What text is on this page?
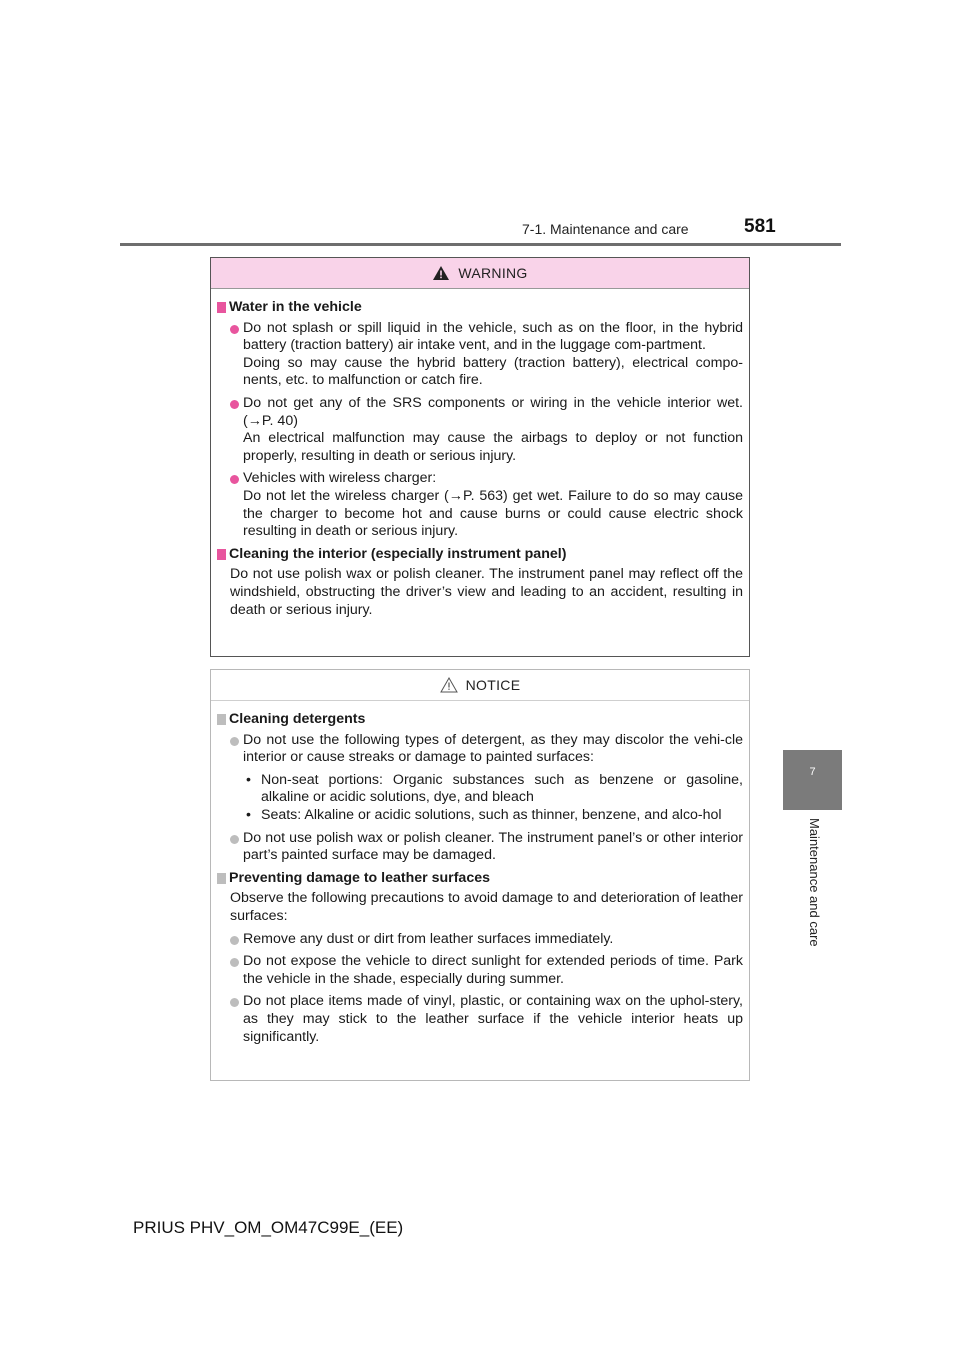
7-1. Maintenance and care	581
7
Maintenance and care
WARNING
Water in the vehicle
Do not splash or spill liquid in the vehicle, such as on the floor, in the hybrid battery (traction battery) air intake vent, and in the luggage com-partment.
Doing so may cause the hybrid battery (traction battery), electrical compo-nents, etc. to malfunction or catch fire.
Do not get any of the SRS components or wiring in the vehicle interior wet. (→P. 40)
An electrical malfunction may cause the airbags to deploy or not function properly, resulting in death or serious injury.
Vehicles with wireless charger:
Do not let the wireless charger (→P. 563) get wet. Failure to do so may cause the charger to become hot and cause burns or could cause electric shock resulting in death or serious injury.
Cleaning the interior (especially instrument panel)
Do not use polish wax or polish cleaner. The instrument panel may reflect off the windshield, obstructing the driver’s view and leading to an accident, resulting in death or serious injury.
NOTICE
Cleaning detergents
Do not use the following types of detergent, as they may discolor the vehi-cle interior or cause streaks or damage to painted surfaces:
• Non-seat portions: Organic substances such as benzene or gasoline, alkaline or acidic solutions, dye, and bleach
• Seats: Alkaline or acidic solutions, such as thinner, benzene, and alco-hol
Do not use polish wax or polish cleaner. The instrument panel’s or other interior part’s painted surface may be damaged.
Preventing damage to leather surfaces
Observe the following precautions to avoid damage to and deterioration of leather surfaces:
Remove any dust or dirt from leather surfaces immediately.
Do not expose the vehicle to direct sunlight for extended periods of time. Park the vehicle in the shade, especially during summer.
Do not place items made of vinyl, plastic, or containing wax on the uphol-stery, as they may stick to the leather surface if the vehicle interior heats up significantly.
PRIUS PHV_OM_OM47C99E_(EE)
